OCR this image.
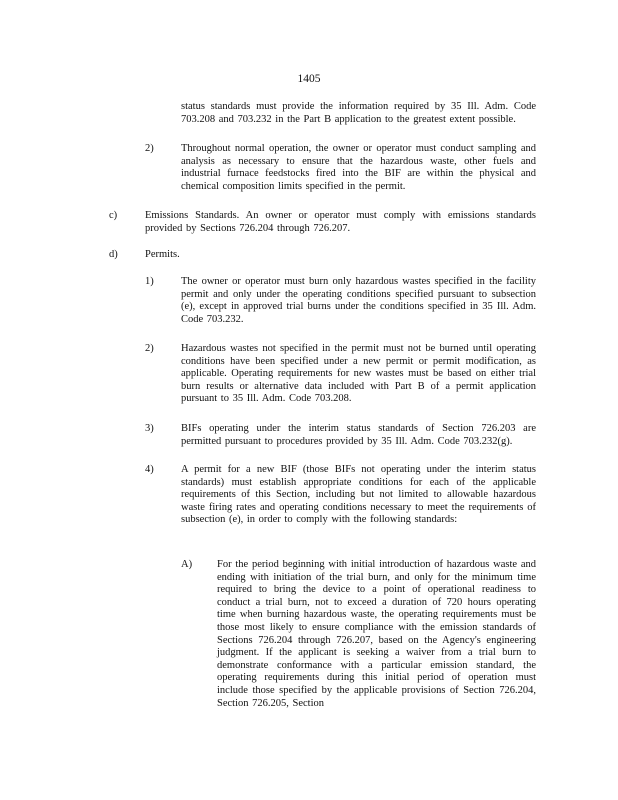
1405
status standards must provide the information required by 35 Ill. Adm. Code 703.208 and 703.232 in the Part B application to the greatest extent possible.
2)	Throughout normal operation, the owner or operator must conduct sampling and analysis as necessary to ensure that the hazardous waste, other fuels and industrial furnace feedstocks fired into the BIF are within the physical and chemical composition limits specified in the permit.
c)	Emissions Standards. An owner or operator must comply with emissions standards provided by Sections 726.204 through 726.207.
d)	Permits.
1)	The owner or operator must burn only hazardous wastes specified in the facility permit and only under the operating conditions specified pursuant to subsection (e), except in approved trial burns under the conditions specified in 35 Ill. Adm. Code 703.232.
2)	Hazardous wastes not specified in the permit must not be burned until operating conditions have been specified under a new permit or permit modification, as applicable. Operating requirements for new wastes must be based on either trial burn results or alternative data included with Part B of a permit application pursuant to 35 Ill. Adm. Code 703.208.
3)	BIFs operating under the interim status standards of Section 726.203 are permitted pursuant to procedures provided by 35 Ill. Adm. Code 703.232(g).
4)	A permit for a new BIF (those BIFs not operating under the interim status standards) must establish appropriate conditions for each of the applicable requirements of this Section, including but not limited to allowable hazardous waste firing rates and operating conditions necessary to meet the requirements of subsection (e), in order to comply with the following standards:
A) For the period beginning with initial introduction of hazardous waste and ending with initiation of the trial burn, and only for the minimum time required to bring the device to a point of operational readiness to conduct a trial burn, not to exceed a duration of 720 hours operating time when burning hazardous waste, the operating requirements must be those most likely to ensure compliance with the emission standards of Sections 726.204 through 726.207, based on the Agency's engineering judgment. If the applicant is seeking a waiver from a trial burn to demonstrate conformance with a particular emission standard, the operating requirements during this initial period of operation must include those specified by the applicable provisions of Section 726.204, Section 726.205, Section
